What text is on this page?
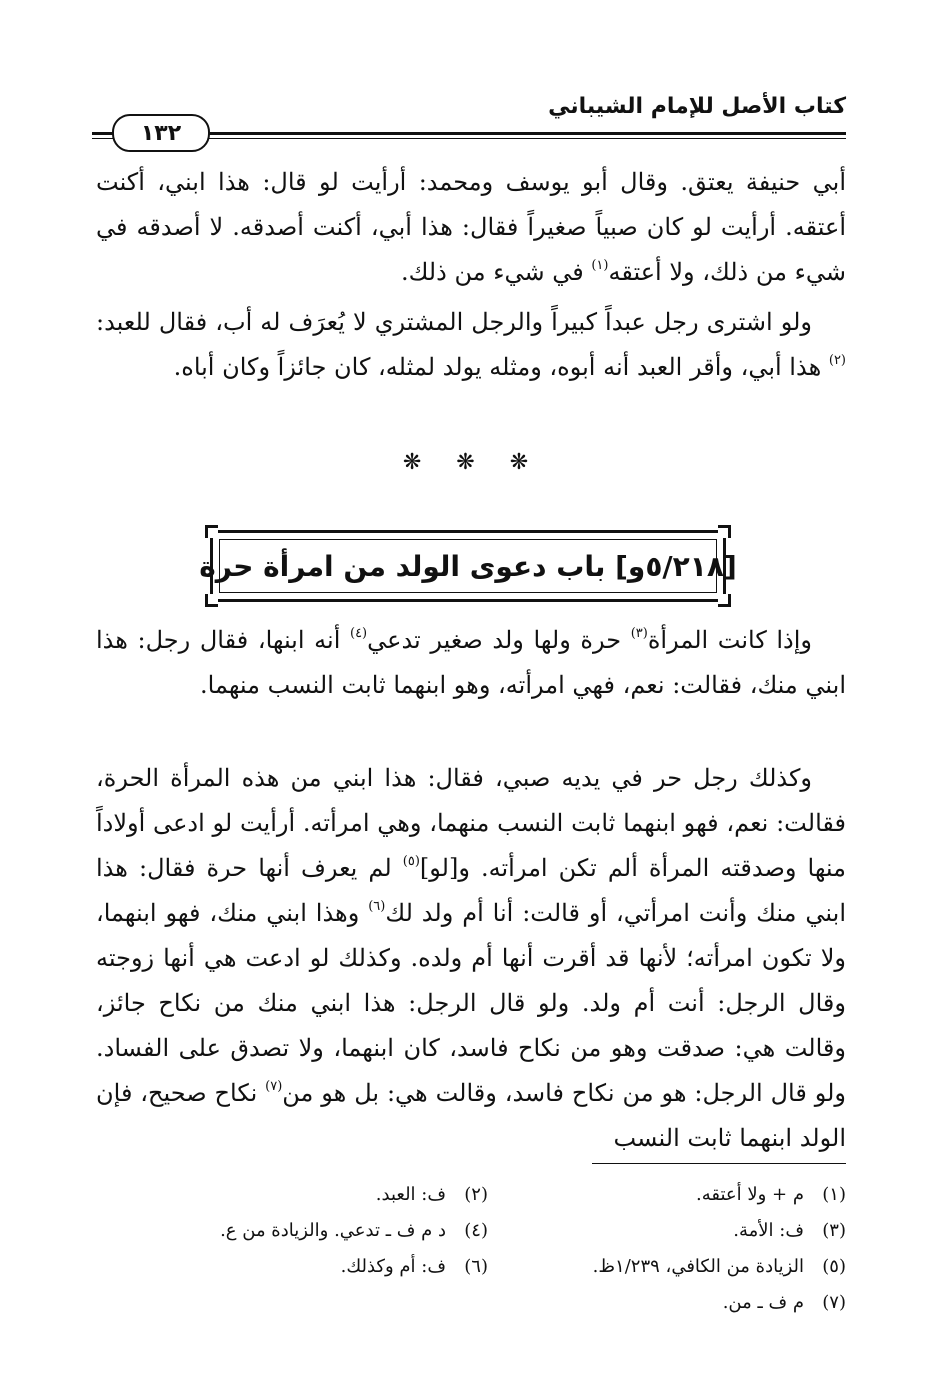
كتاب الأصل للإمام الشيباني
١٣٢

أبي حنيفة يعتق. وقال أبو يوسف ومحمد: أرأيت لو قال: هذا ابني، أكنت أعتقه. أرأيت لو كان صبياً صغيراً فقال: هذا أبي، أكنت أصدقه. لا أصدقه في شيء من ذلك، ولا أعتقه$^{(١)}$ في شيء من ذلك.

ولو اشترى رجل عبداً كبيراً والرجل المشتري لا يُعرَف له أب، فقال للعبد:$^{(٢)}$ هذا أبي، وأقر العبد أنه أبوه، ومثله يولد لمثله، كان جائزاً وكان أباه.

❋ ❋ ❋
[٥/٢١٨و] باب دعوى الولد من امرأة حرة

وإذا كانت المرأة$^{(٣)}$ حرة ولها ولد صغير تدعي$^{(٤)}$ أنه ابنها، فقال رجل: هذا ابني منك، فقالت: نعم، فهي امرأته، وهو ابنهما ثابت النسب منهما.

وكذلك رجل حر في يديه صبي، فقال: هذا ابني من هذه المرأة الحرة، فقالت: نعم، فهو ابنهما ثابت النسب منهما، وهي امرأته. أرأيت لو ادعى أولاداً منها وصدقته المرأة ألم تكن امرأته. و[لو]$^{(٥)}$ لم يعرف أنها حرة فقال: هذا ابني منك وأنت امرأتي، أو قالت: أنا أم ولد لك$^{(٦)}$ وهذا ابني منك، فهو ابنهما، ولا تكون امرأته؛ لأنها قد أقرت أنها أم ولده. وكذلك لو ادعت هي أنها زوجته وقال الرجل: أنت أم ولد. ولو قال الرجل: هذا ابني منك من نكاح جائز، وقالت هي: صدقت وهو من نكاح فاسد، كان ابنهما، ولا تصدق على الفساد. ولو قال الرجل: هو من نكاح فاسد، وقالت هي: بل هو من$^{(٧)}$ نكاح صحيح، فإن الولد ابنهما ثابت النسب

(١)م + ولا أعتقه.
(٢)ف: العبد.
(٣)ف: الأمة.
(٤)د م ف ـ تدعي. والزيادة من ع.
(٥)الزيادة من الكافي، ١/٢٣٩ظ.
(٦)ف: أم وكذلك.
(٧)م ف ـ من.
